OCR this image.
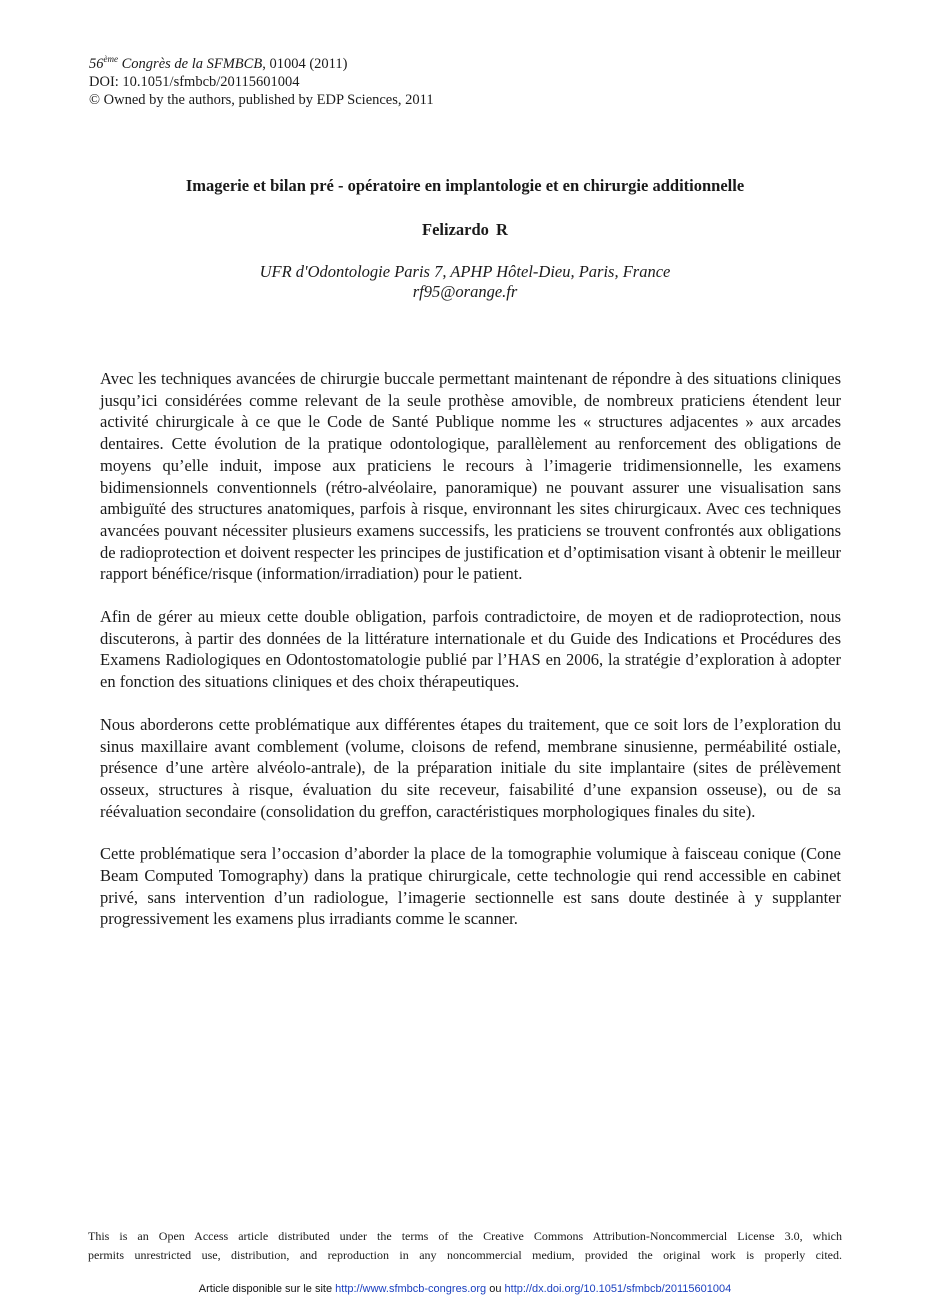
56ème Congrès de la SFMBCB, 01004 (2011)
DOI: 10.1051/sfmbcb/20115601004
© Owned by the authors, published by EDP Sciences, 2011
Imagerie et bilan pré - opératoire en implantologie et en chirurgie additionnelle
Felizardo R
UFR d'Odontologie Paris 7, APHP Hôtel-Dieu, Paris, France
rf95@orange.fr

Avec les techniques avancées de chirurgie buccale permettant maintenant de répondre à des situations cliniques jusqu’ici considérées comme relevant de la seule prothèse amovible, de nombreux praticiens étendent leur activité chirurgicale à ce que le Code de Santé Publique nomme les « structures adjacentes » aux arcades dentaires. Cette évolution de la pratique odontologique, parallèlement au renforcement des obligations de moyens qu’elle induit, impose aux praticiens le recours à l’imagerie tridimensionnelle, les examens bidimensionnels conventionnels (rétro-alvéolaire, panoramique) ne pouvant assurer une visualisation sans ambiguïté des structures anatomiques, parfois à risque, environnant les sites chirurgicaux. Avec ces techniques avancées pouvant nécessiter plusieurs examens successifs, les praticiens se trouvent confrontés aux obligations de radioprotection et doivent respecter les principes de justification et d’optimisation visant à obtenir le meilleur rapport bénéfice/risque (information/irradiation) pour le patient.

Afin de gérer au mieux cette double obligation, parfois contradictoire, de moyen et de radioprotection, nous discuterons, à partir des données de la littérature internationale et du Guide des Indications et Procédures des Examens Radiologiques en Odontostomatologie publié par l’HAS en 2006, la stratégie d’exploration à adopter en fonction des situations cliniques et des choix thérapeutiques.

Nous aborderons cette problématique aux différentes étapes du traitement, que ce soit lors de l’exploration du sinus maxillaire avant comblement (volume, cloisons de refend, membrane sinusienne, perméabilité ostiale, présence d’une artère alvéolo-antrale), de la préparation initiale du site implantaire (sites de prélèvement osseux, structures à risque, évaluation du site receveur, faisabilité d’une expansion osseuse), ou de sa réévaluation secondaire (consolidation du greffon, caractéristiques morphologiques finales du site).

Cette problématique sera l’occasion d’aborder la place de la tomographie volumique à faisceau conique (Cone Beam Computed Tomography) dans la pratique chirurgicale, cette technologie qui rend accessible en cabinet privé, sans intervention d’un radiologue, l’imagerie sectionnelle est sans doute destinée à y supplanter progressivement les examens plus irradiants comme le scanner.

This is an Open Access article distributed under the terms of the Creative Commons Attribution-Noncommercial License 3.0, which
permits unrestricted use, distribution, and reproduction in any noncommercial medium, provided the original work is properly cited.
Article disponible sur le site http://www.sfmbcb-congres.org ou http://dx.doi.org/10.1051/sfmbcb/20115601004
